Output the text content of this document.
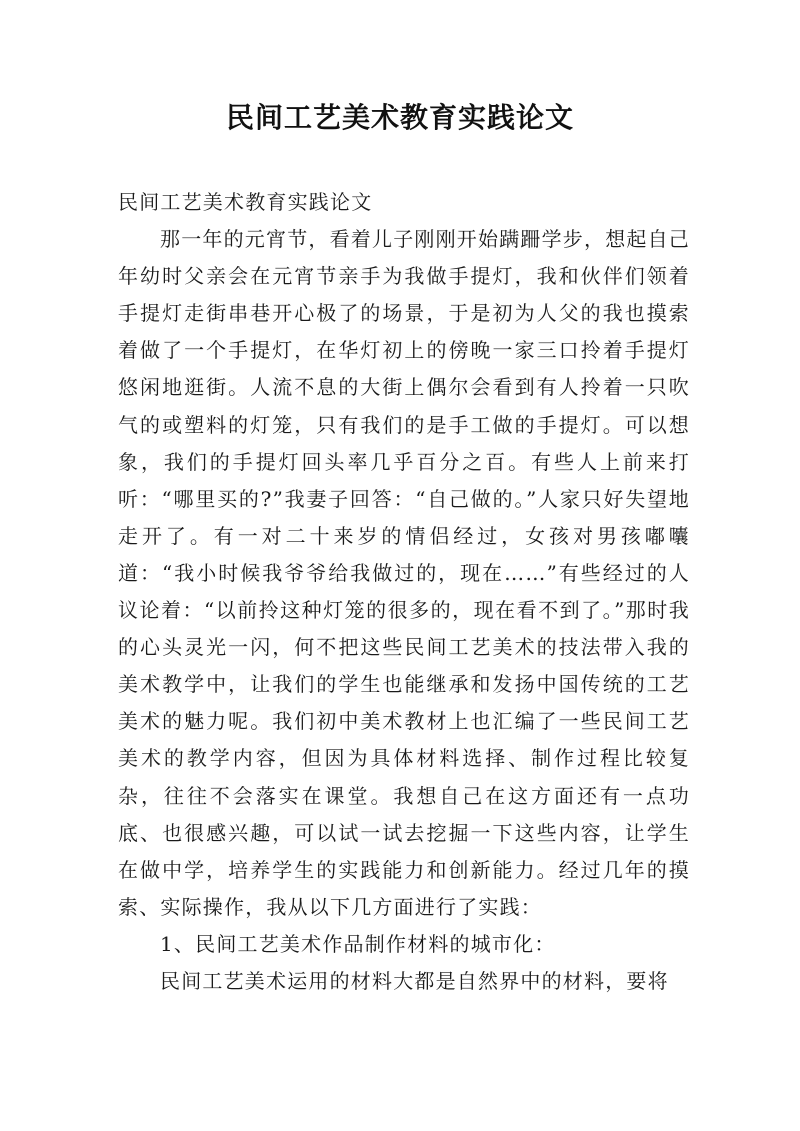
民间工艺美术教育实践论文

民间工艺美术教育实践论文

那一年的元宵节，看着儿子刚刚开始蹒跚学步，想起自己年幼时父亲会在元宵节亲手为我做手提灯，我和伙伴们领着手提灯走街串巷开心极了的场景，于是初为人父的我也摸索着做了一个手提灯，在华灯初上的傍晚一家三口拎着手提灯悠闲地逛街。人流不息的大街上偶尔会看到有人拎着一只吹气的或塑料的灯笼，只有我们的是手工做的手提灯。可以想象，我们的手提灯回头率几乎百分之百。有些人上前来打听：“哪里买的?”我妻子回答：“自己做的。”人家只好失望地走开了。有一对二十来岁的情侣经过，女孩对男孩嘟囔道：“我小时候我爷爷给我做过的，现在……”有些经过的人议论着：“以前拎这种灯笼的很多的，现在看不到了。”那时我的心头灵光一闪，何不把这些民间工艺美术的技法带入我的美术教学中，让我们的学生也能继承和发扬中国传统的工艺美术的魅力呢。我们初中美术教材上也汇编了一些民间工艺美术的教学内容，但因为具体材料选择、制作过程比较复杂，往往不会落实在课堂。我想自己在这方面还有一点功底、也很感兴趣，可以试一试去挖掘一下这些内容，让学生在做中学，培养学生的实践能力和创新能力。经过几年的摸索、实际操作，我从以下几方面进行了实践：

1、民间工艺美术作品制作材料的城市化：

民间工艺美术运用的材料大都是自然界中的材料，要将
